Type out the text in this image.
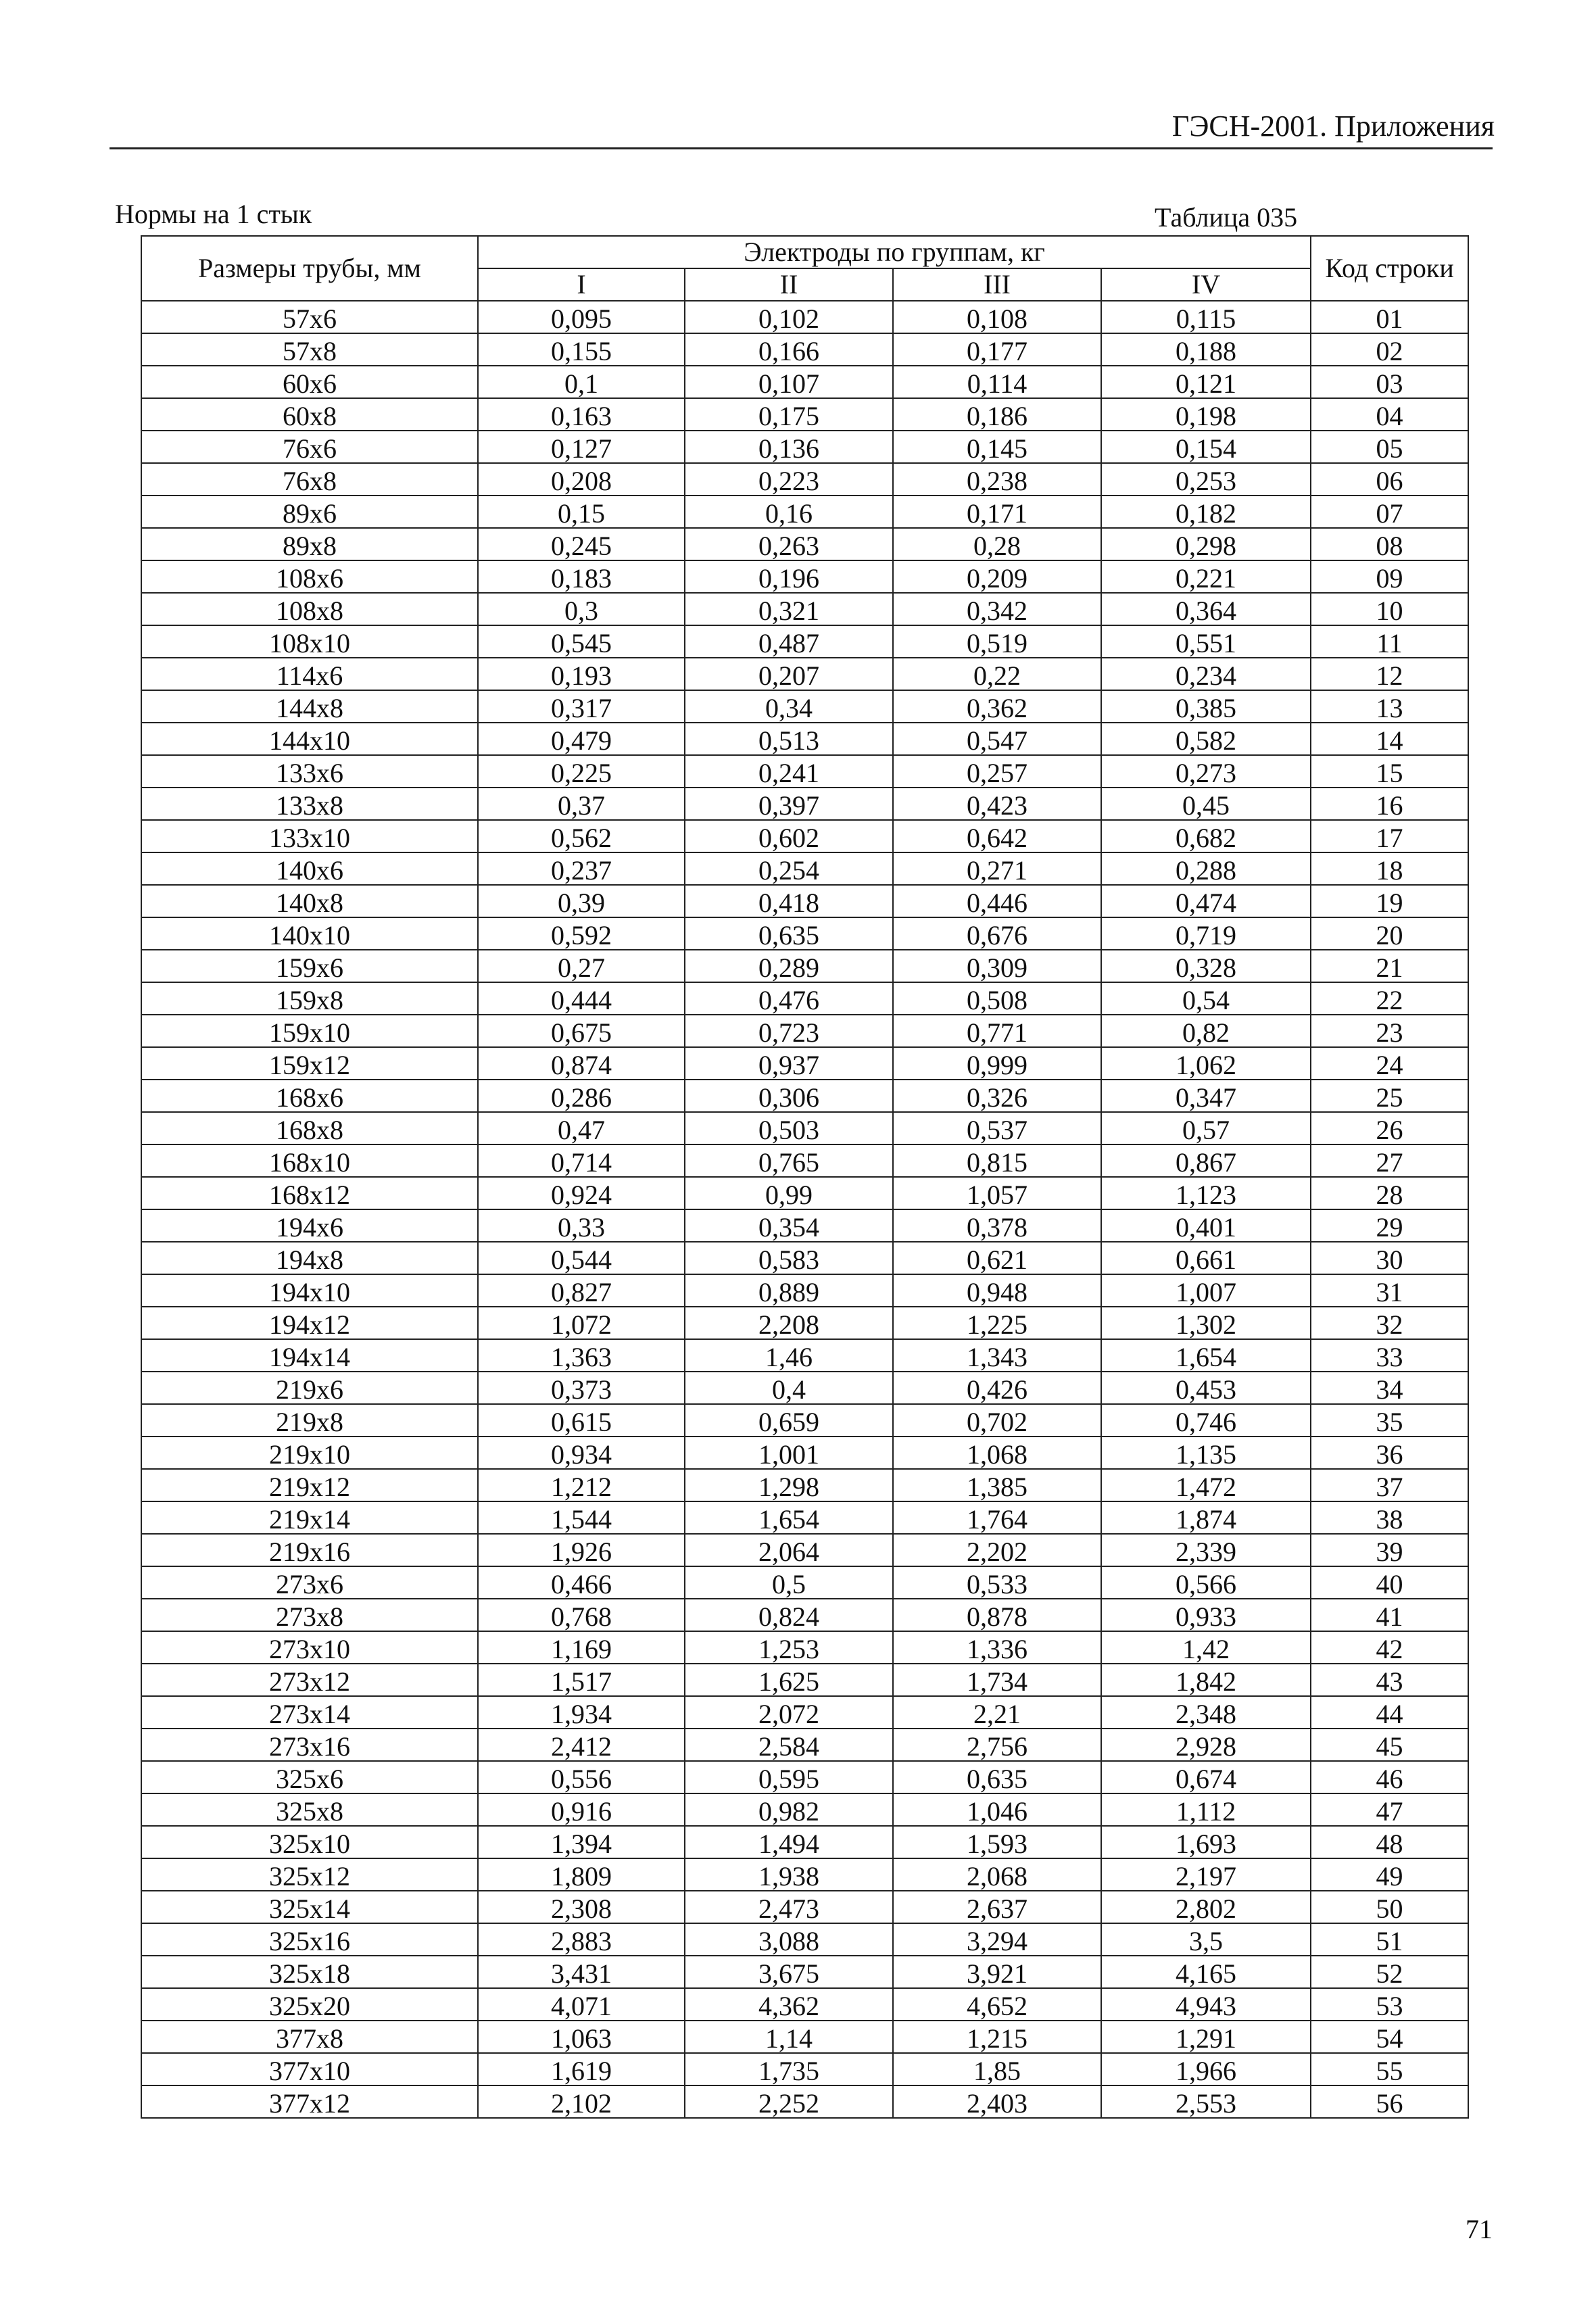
ГЭСН-2001. Приложения
Нормы на 1 стык	Таблица 035
Размеры трубы, мм	Электроды по группам, кг				Код строки
	I	II	III	IV	
57x6	0,095	0,102	0,108	0,115	01
57x8	0,155	0,166	0,177	0,188	02
60x6	0,1	0,107	0,114	0,121	03
60x8	0,163	0,175	0,186	0,198	04
76x6	0,127	0,136	0,145	0,154	05
76x8	0,208	0,223	0,238	0,253	06
89x6	0,15	0,16	0,171	0,182	07
89x8	0,245	0,263	0,28	0,298	08
108x6	0,183	0,196	0,209	0,221	09
108x8	0,3	0,321	0,342	0,364	10
108x10	0,545	0,487	0,519	0,551	11
114x6	0,193	0,207	0,22	0,234	12
144x8	0,317	0,34	0,362	0,385	13
144x10	0,479	0,513	0,547	0,582	14
133x6	0,225	0,241	0,257	0,273	15
133x8	0,37	0,397	0,423	0,45	16
133x10	0,562	0,602	0,642	0,682	17
140x6	0,237	0,254	0,271	0,288	18
140x8	0,39	0,418	0,446	0,474	19
140x10	0,592	0,635	0,676	0,719	20
159x6	0,27	0,289	0,309	0,328	21
159x8	0,444	0,476	0,508	0,54	22
159x10	0,675	0,723	0,771	0,82	23
159x12	0,874	0,937	0,999	1,062	24
168x6	0,286	0,306	0,326	0,347	25
168x8	0,47	0,503	0,537	0,57	26
168x10	0,714	0,765	0,815	0,867	27
168x12	0,924	0,99	1,057	1,123	28
194x6	0,33	0,354	0,378	0,401	29
194x8	0,544	0,583	0,621	0,661	30
194x10	0,827	0,889	0,948	1,007	31
194x12	1,072	2,208	1,225	1,302	32
194x14	1,363	1,46	1,343	1,654	33
219x6	0,373	0,4	0,426	0,453	34
219x8	0,615	0,659	0,702	0,746	35
219x10	0,934	1,001	1,068	1,135	36
219x12	1,212	1,298	1,385	1,472	37
219x14	1,544	1,654	1,764	1,874	38
219x16	1,926	2,064	2,202	2,339	39
273x6	0,466	0,5	0,533	0,566	40
273x8	0,768	0,824	0,878	0,933	41
273x10	1,169	1,253	1,336	1,42	42
273x12	1,517	1,625	1,734	1,842	43
273x14	1,934	2,072	2,21	2,348	44
273x16	2,412	2,584	2,756	2,928	45
325x6	0,556	0,595	0,635	0,674	46
325x8	0,916	0,982	1,046	1,112	47
325x10	1,394	1,494	1,593	1,693	48
325x12	1,809	1,938	2,068	2,197	49
325x14	2,308	2,473	2,637	2,802	50
325x16	2,883	3,088	3,294	3,5	51
325x18	3,431	3,675	3,921	4,165	52
325x20	4,071	4,362	4,652	4,943	53
377x8	1,063	1,14	1,215	1,291	54
377x10	1,619	1,735	1,85	1,966	55
377x12	2,102	2,252	2,403	2,553	56
71
